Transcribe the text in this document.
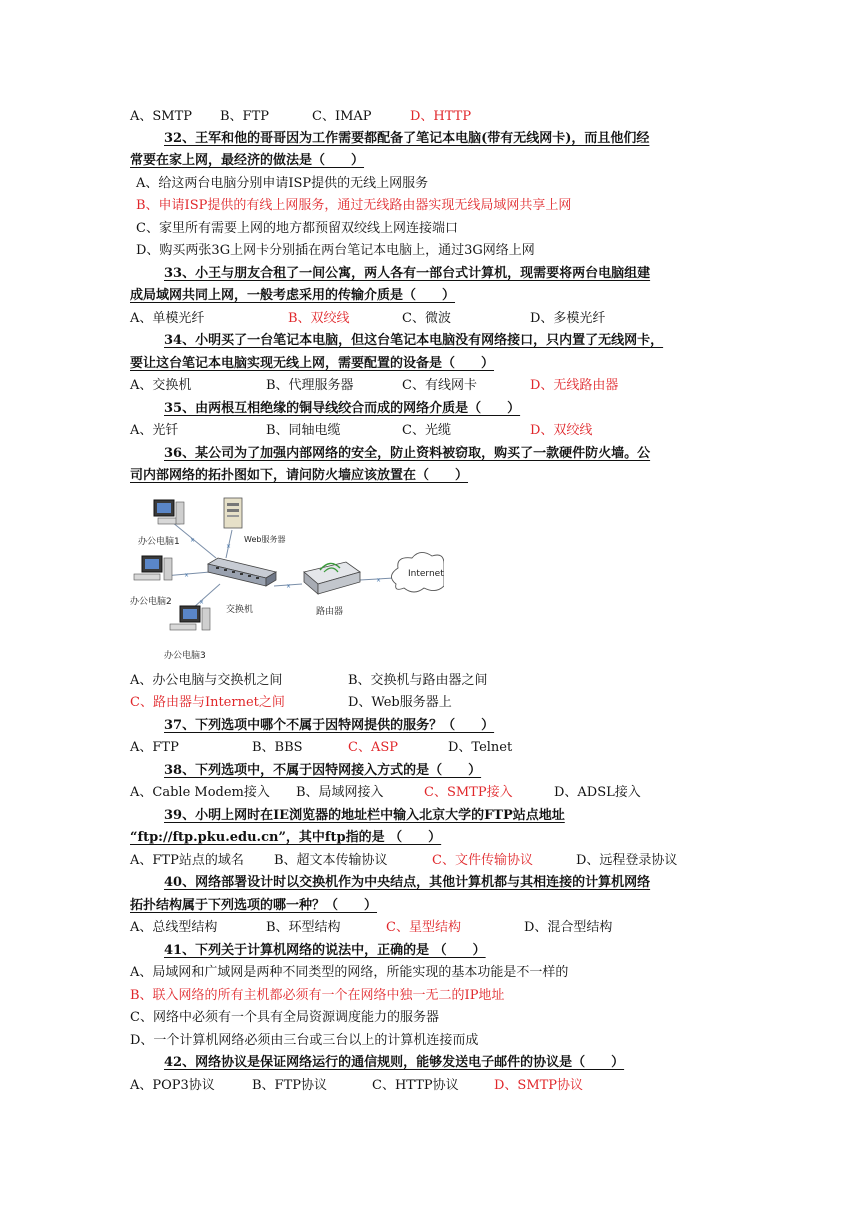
A、SMTP B、FTP	C、IMAP	D、HTTP
32、王军和他的哥哥因为工作需要都配备了笔记本电脑(带有无线网卡)，而且他们经
常要在家上网，最经济的做法是（　　）
A、给这两台电脑分别申请ISP提供的无线上网服务
B、申请ISP提供的有线上网服务，通过无线路由器实现无线局域网共享上网
C、家里所有需要上网的地方都预留双绞线上网连接端口
D、购买两张3G上网卡分别插在两台笔记本电脑上，通过3G网络上网
33、小王与朋友合租了一间公寓，两人各有一部台式计算机，现需要将两台电脑组建
成局域网共同上网，一般考虑采用的传输介质是（　　）
A、单模光纤	B、双绞线	C、微波	D、多模光纤
34、小明买了一台笔记本电脑，但这台笔记本电脑没有网络接口，只内置了无线网卡，
要让这台笔记本电脑实现无线上网，需要配置的设备是（　　）
A、交换机	B、代理服务器	C、有线网卡	D、无线路由器
35、由两根互相绝缘的铜导线绞合而成的网络介质是（　　）
A、光钎	B、同轴电缆	C、光缆	D、双绞线
36、某公司为了加强内部网络的安全，防止资料被窃取，购买了一款硬件防火墙。公
司内部网络的拓扑图如下，请问防火墙应该放置在（　　）
×
×
×
×
×
×
办公电脑1	Web服务器
办公电脑2
交换机
办公电脑3
路由器
Internet
A、办公电脑与交换机之间	B、交换机与路由器之间
C、路由器与Internet之间	D、Web服务器上
37、下列选项中哪个不属于因特网提供的服务？（　　）
A、FTP	B、BBS	C、ASP	D、Telnet
38、下列选项中，不属于因特网接入方式的是（　　）
A、Cable Modem接入 B、局域网接入	C、SMTP接入	D、ADSL接入
39、小明上网时在IE浏览器的地址栏中输入北京大学的FTP站点地址
“ftp://ftp.pku.edu.cn”，其中ftp指的是 （　　）
A、FTP站点的域名 B、超文本传输协议	C、文件传输协议	D、远程登录协议
40、网络部署设计时以交换机作为中央结点，其他计算机都与其相连接的计算机网络
拓扑结构属于下列选项的哪一种？（　　）
A、总线型结构	B、环型结构	C、星型结构	D、混合型结构
41、下列关于计算机网络的说法中，正确的是 （　　）
A、局域网和广域网是两种不同类型的网络，所能实现的基本功能是不一样的
B、联入网络的所有主机都必须有一个在网络中独一无二的IP地址
C、网络中必须有一个具有全局资源调度能力的服务器
D、一个计算机网络必须由三台或三台以上的计算机连接而成
42、网络协议是保证网络运行的通信规则，能够发送电子邮件的协议是（　　）
A、POP3协议	B、FTP协议	C、HTTP协议	D、SMTP协议
